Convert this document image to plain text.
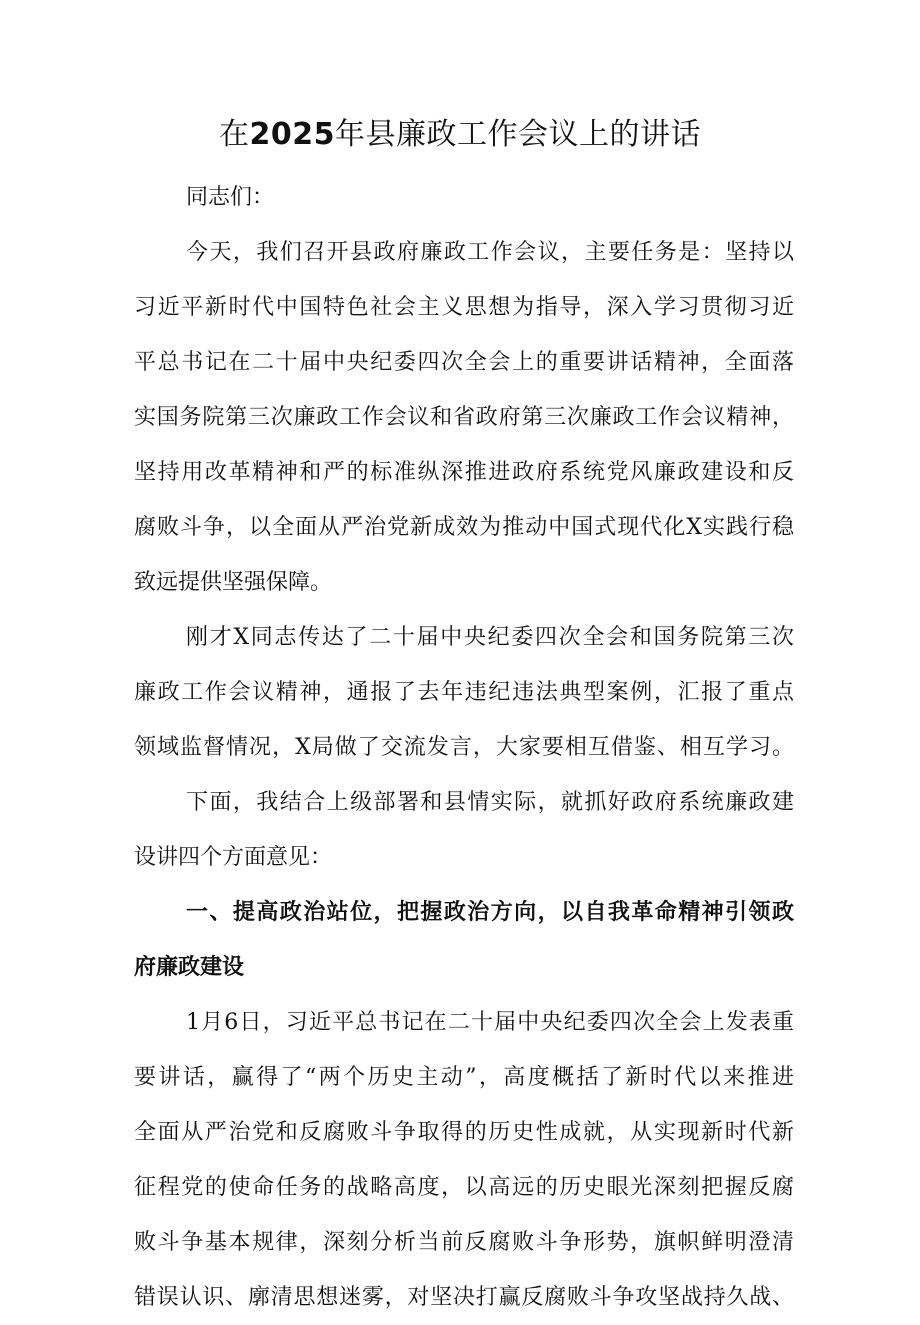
在2025年县廉政工作会议上的讲话
同志们：
今天，我们召开县政府廉政工作会议，主要任务是：坚持以
习近平新时代中国特色社会主义思想为指导，深入学习贯彻习近
平总书记在二十届中央纪委四次全会上的重要讲话精神，全面落
实国务院第三次廉政工作会议和省政府第三次廉政工作会议精神，
坚持用改革精神和严的标准纵深推进政府系统党风廉政建设和反
腐败斗争，以全面从严治党新成效为推动中国式现代化X实践行稳
致远提供坚强保障。
刚才X同志传达了二十届中央纪委四次全会和国务院第三次
廉政工作会议精神，通报了去年违纪违法典型案例，汇报了重点
领域监督情况，X局做了交流发言，大家要相互借鉴、相互学习。
下面，我结合上级部署和县情实际，就抓好政府系统廉政建
设讲四个方面意见：
一、提高政治站位，把握政治方向，以自我革命精神引领政
府廉政建设
1月6日，习近平总书记在二十届中央纪委四次全会上发表重
要讲话，赢得了“两个历史主动”，高度概括了新时代以来推进
全面从严治党和反腐败斗争取得的历史性成就，从实现新时代新
征程党的使命任务的战略高度，以高远的历史眼光深刻把握反腐
败斗争基本规律，深刻分析当前反腐败斗争形势，旗帜鲜明澄清
错误认识、廓清思想迷雾，对坚决打赢反腐败斗争攻坚战持久战、
